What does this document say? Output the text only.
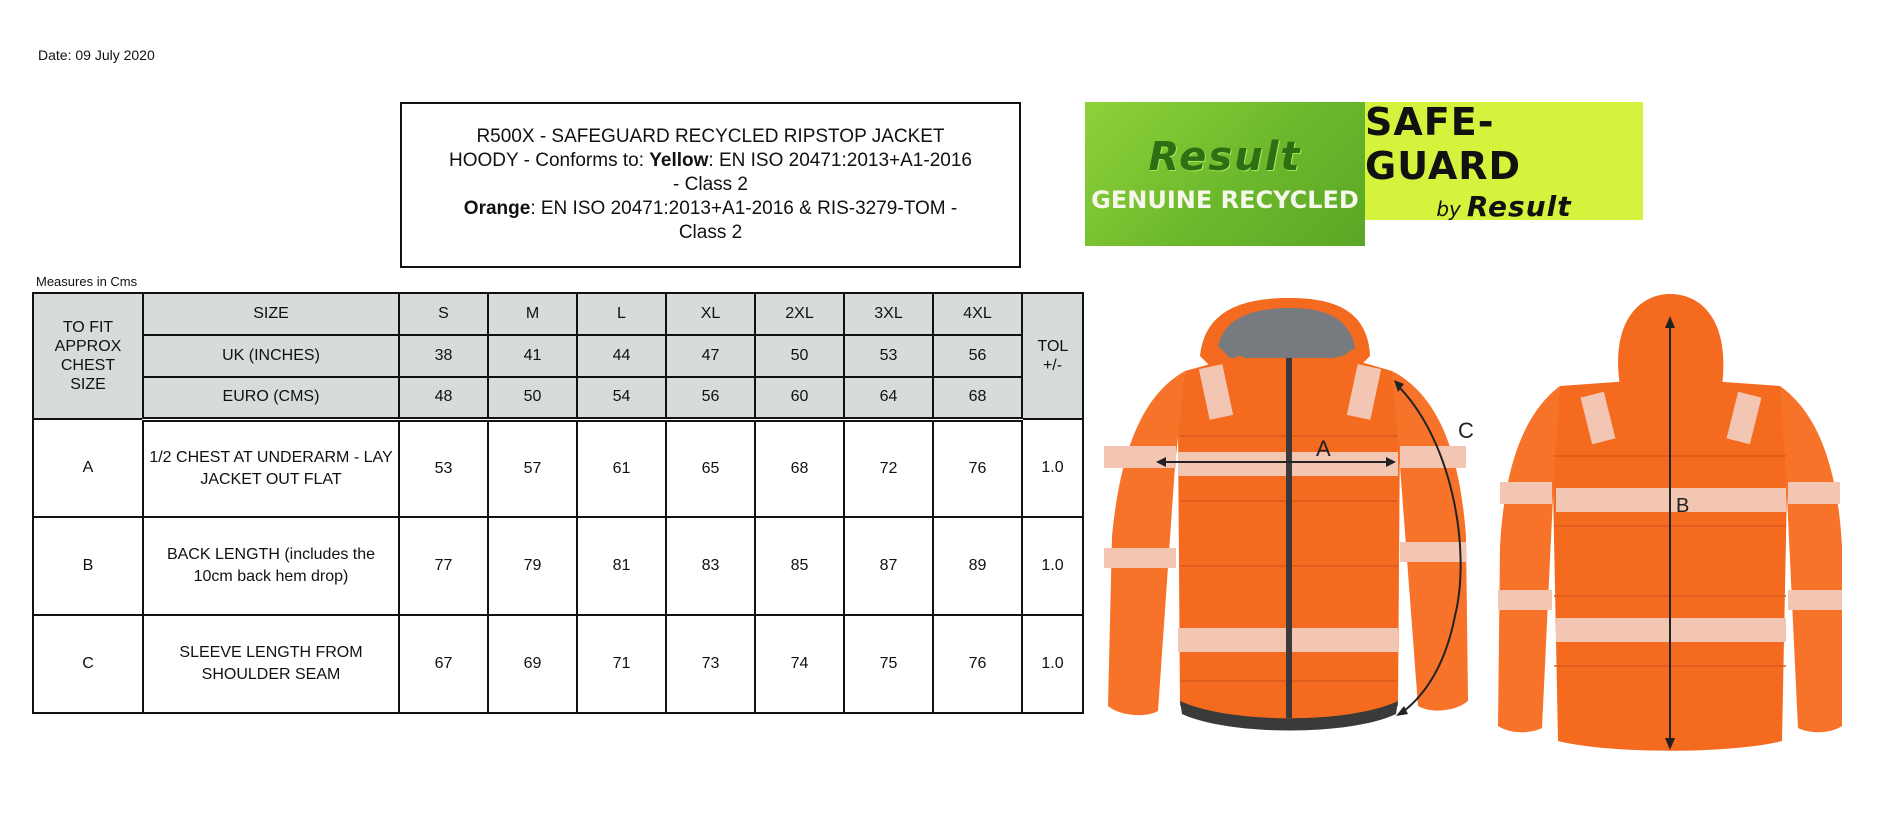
Date: 09 July 2020
R500X - SAFEGUARD RECYCLED RIPSTOP JACKET
HOODY - Conforms to: Yellow: EN ISO 20471:2013+A1-2016
- Class 2
Orange: EN ISO 20471:2013+A1-2016 & RIS-3279-TOM -
Class 2
Measures in Cms
TO FIT APPROX CHEST SIZE	SIZE	S	M	L	XL	2XL	3XL	4XL	TOL +/-
	UK (INCHES)	38	41	44	47	50	53	56	
	EURO (CMS)	48	50	54	56	60	64	68	
A	1/2 CHEST AT UNDERARM - LAY JACKET OUT FLAT	53	57	61	65	68	72	76	1.0
B	BACK LENGTH (includes the 10cm back hem drop)	77	79	81	83	85	87	89	1.0
C	SLEEVE LENGTH FROM SHOULDER SEAM	67	69	71	73	74	75	76	1.0
Result
GENUINE RECYCLED
SAFE-GUARD
by Result
A
C
B
